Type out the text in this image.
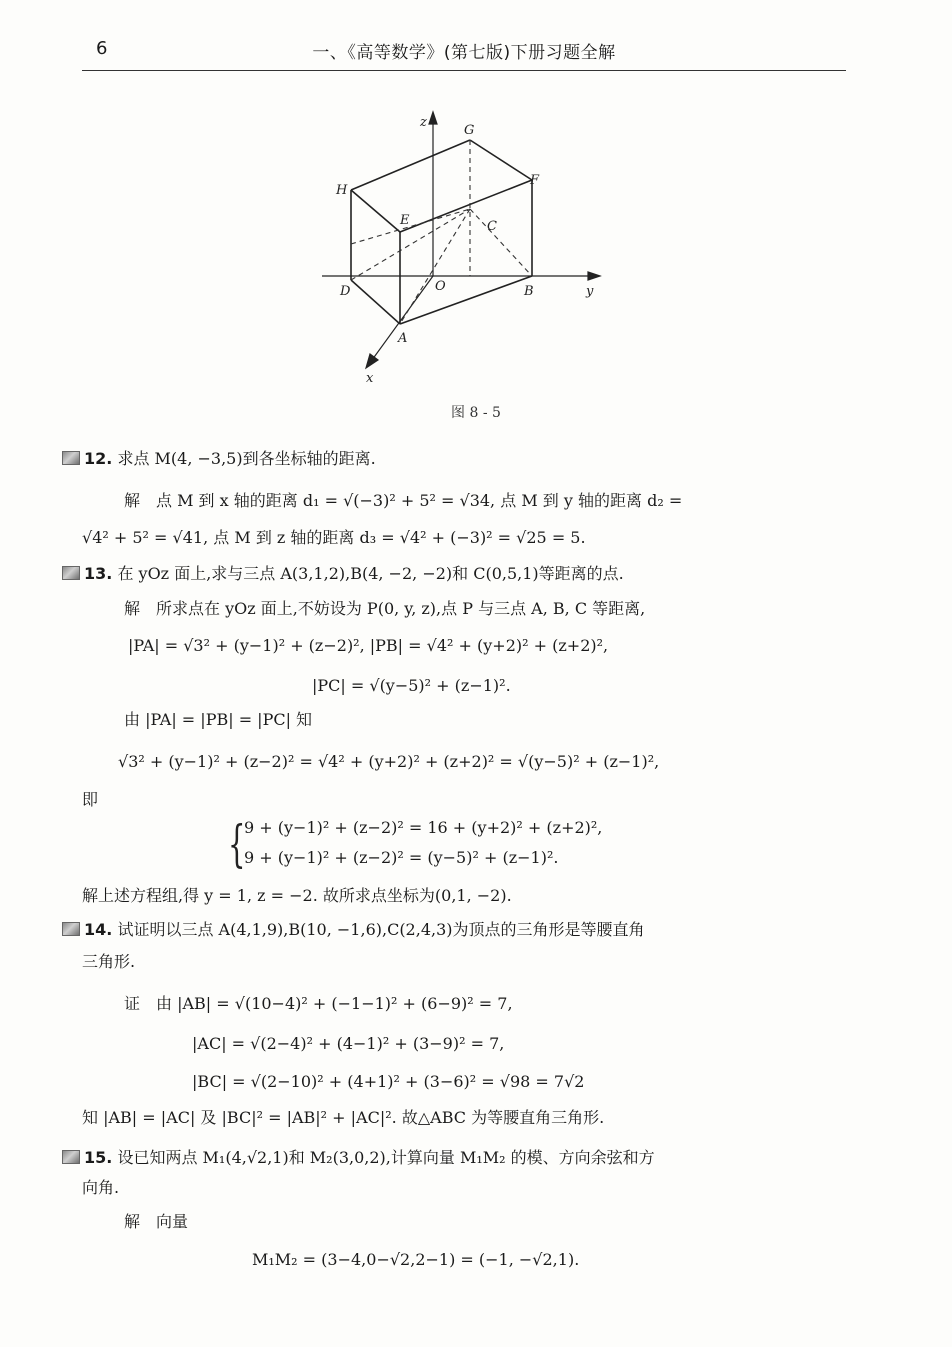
6	一、《高等数学》(第七版)下册习题全解
z
G
F
H
E	C
D	O	B	y
A
x
图 8 - 5
12. 求点 M(4, −3,5)到各坐标轴的距离.
解　点 M 到 x 轴的距离 d₁ = √(−3)² + 5² = √34, 点 M 到 y 轴的距离 d₂ =
√4² + 5² = √41, 点 M 到 z 轴的距离 d₃ = √4² + (−3)² = √25 = 5.
13. 在 yOz 面上,求与三点 A(3,1,2),B(4, −2, −2)和 C(0,5,1)等距离的点.
解　所求点在 yOz 面上,不妨设为 P(0, y, z),点 P 与三点 A, B, C 等距离,
|PA| = √3² + (y−1)² + (z−2)², |PB| = √4² + (y+2)² + (z+2)²,
|PC| = √(y−5)² + (z−1)².
由 |PA| = |PB| = |PC| 知
√3² + (y−1)² + (z−2)² = √4² + (y+2)² + (z+2)² = √(y−5)² + (z−1)²,
即
{
9 + (y−1)² + (z−2)² = 16 + (y+2)² + (z+2)²,
9 + (y−1)² + (z−2)² = (y−5)² + (z−1)².
解上述方程组,得 y = 1, z = −2. 故所求点坐标为(0,1, −2).
14. 试证明以三点 A(4,1,9),B(10, −1,6),C(2,4,3)为顶点的三角形是等腰直角
三角形.
证　由 |AB| = √(10−4)² + (−1−1)² + (6−9)² = 7,
|AC| = √(2−4)² + (4−1)² + (3−9)² = 7,
|BC| = √(2−10)² + (4+1)² + (3−6)² = √98 = 7√2
知 |AB| = |AC| 及 |BC|² = |AB|² + |AC|². 故△ABC 为等腰直角三角形.
15. 设已知两点 M₁(4,√2,1)和 M₂(3,0,2),计算向量 M₁M₂ 的模、方向余弦和方
向角.
解　向量
M₁M₂ = (3−4,0−√2,2−1) = (−1, −√2,1).
